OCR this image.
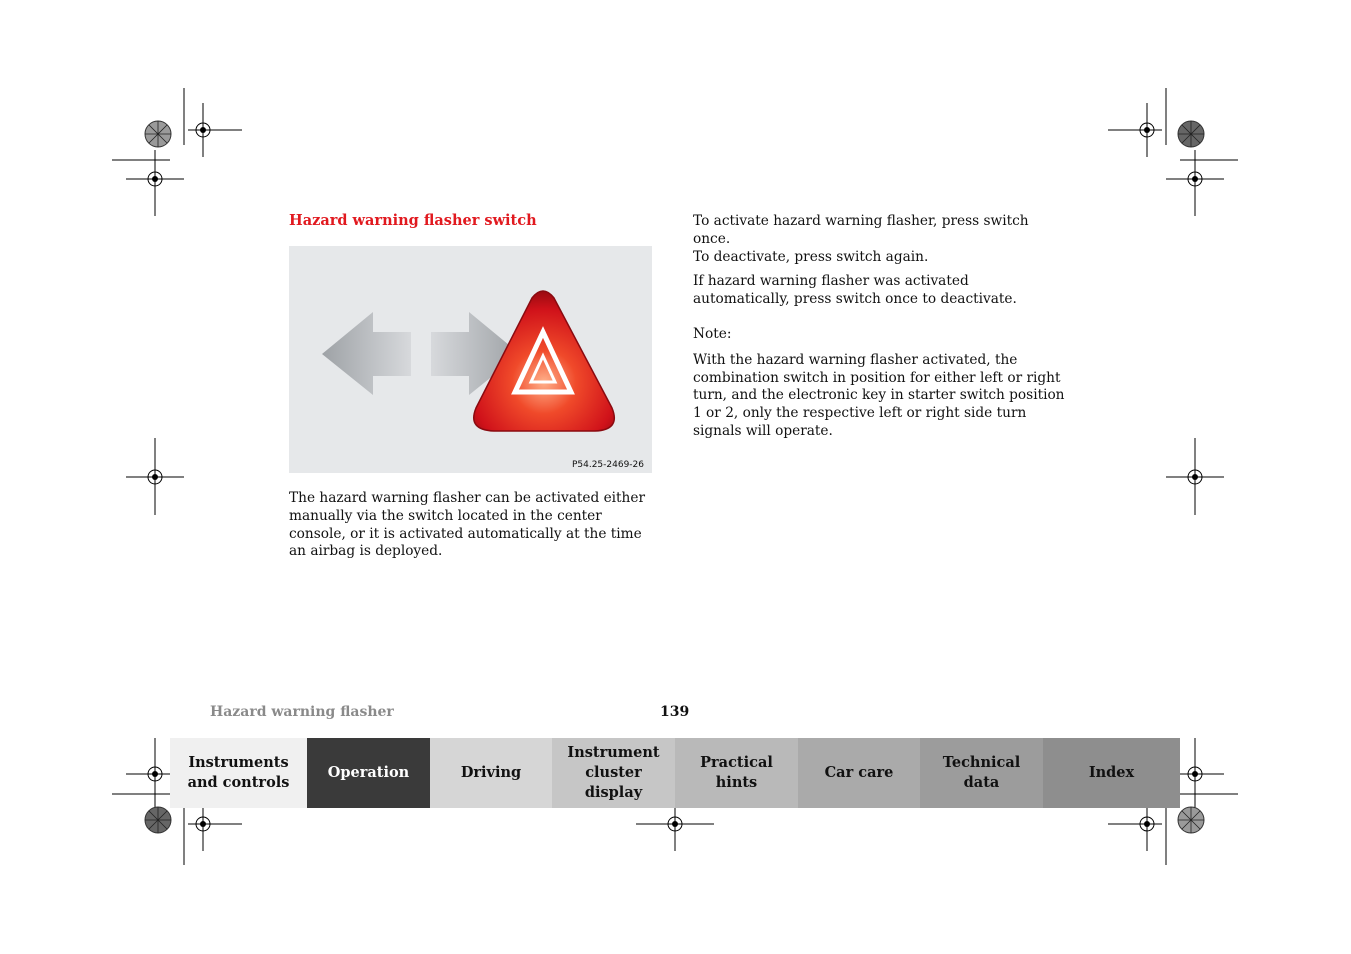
Hazard warning flasher switch
P54.25-2469-26

The hazard warning flasher can be activated either manually via the switch located in the center console, or it is activated automatically at the time an airbag is deployed.

To activate hazard warning flasher, press switch once.
To deactivate, press switch again.

If hazard warning flasher was activated automatically, press switch once to deactivate.

Note:

With the hazard warning flasher activated, the combination switch in position for either left or right turn, and the electronic key in starter switch position 1 or 2, only the respective left or right side turn signals will operate.

Hazard warning flasher	139
Instruments
and controls
Operation	Driving
Instrument
cluster display
Practical hints
Car care
Technical
data
Index
